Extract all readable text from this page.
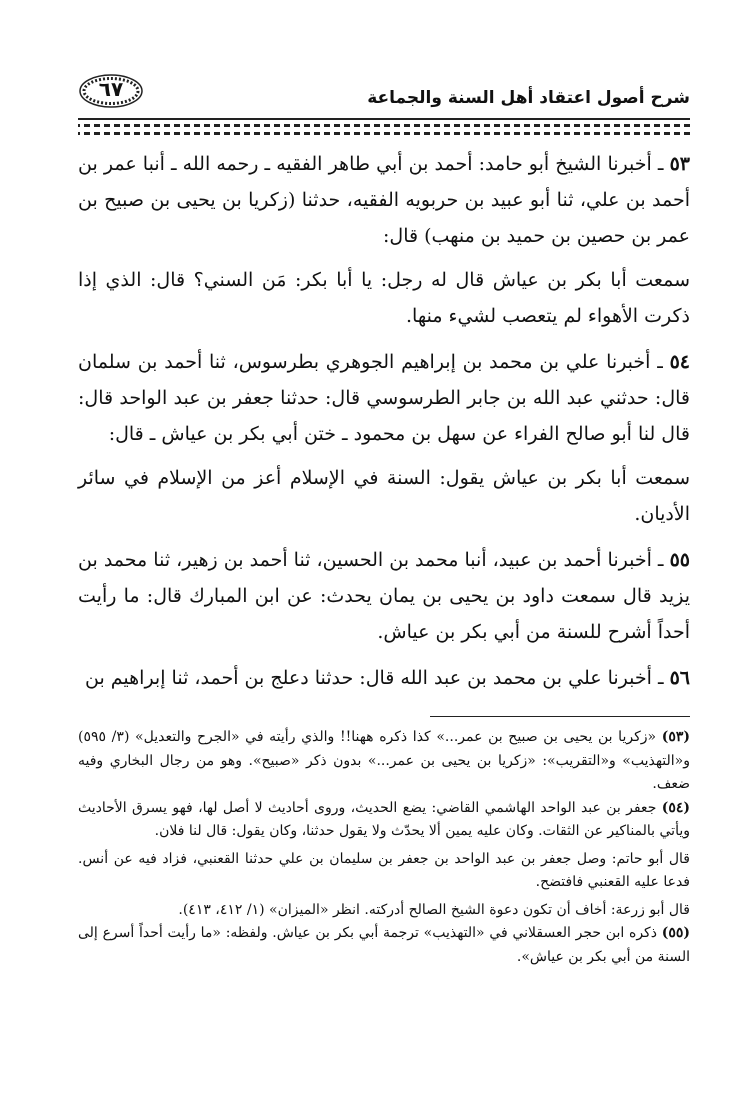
شرح أصول اعتقاد أهل السنة والجماعة
٦٧

٥٣ ـ أخبرنا الشيخ أبو حامد: أحمد بن أبي طاهر الفقيه ـ رحمه الله ـ أنبا عمر بن أحمد بن علي، ثنا أبو عبيد بن حربويه الفقيه، حدثنا (زكريا بن يحيى بن صبيح بن عمر بن حصين بن حميد بن منهب) قال:

سمعت أبا بكر بن عياش قال له رجل: يا أبا بكر: مَن السني؟ قال: الذي إذا ذكرت الأهواء لم يتعصب لشيء منها.

٥٤ ـ أخبرنا علي بن محمد بن إبراهيم الجوهري بطرسوس، ثنا أحمد بن سلمان قال: حدثني عبد الله بن جابر الطرسوسي قال: حدثنا جعفر بن عبد الواحد قال: قال لنا أبو صالح الفراء عن سهل بن محمود ـ ختن أبي بكر بن عياش ـ قال:

سمعت أبا بكر بن عياش يقول: السنة في الإسلام أعز من الإسلام في سائر الأديان.

٥٥ ـ أخبرنا أحمد بن عبيد، أنبا محمد بن الحسين، ثنا أحمد بن زهير، ثنا محمد بن يزيد قال سمعت داود بن يحيى بن يمان يحدث: عن ابن المبارك قال: ما رأيت أحداً أشرح للسنة من أبي بكر بن عياش.

٥٦ ـ أخبرنا علي بن محمد بن عبد الله قال: حدثنا دعلج بن أحمد، ثنا إبراهيم بن

(٥٣) «زكريا بن يحيى بن صبيح بن عمر...» كذا ذكره ههنا!! والذي رأيته في «الجرح والتعديل» (٣/ ٥٩٥) و«التهذيب» و«التقريب»: «زكريا بن يحيى بن عمر...» بدون ذكر «صبيح». وهو من رجال البخاري وفيه ضعف.

(٥٤) جعفر بن عبد الواحد الهاشمي القاضي: يضع الحديث، وروى أحاديث لا أصل لها، فهو يسرق الأحاديث ويأتي بالمناكير عن الثقات. وكان عليه يمين ألا يحدّث ولا يقول حدثنا، وكان يقول: قال لنا فلان.

قال أبو حاتم: وصل جعفر بن عبد الواحد بن جعفر بن سليمان بن علي حدثنا القعنبي، فزاد فيه عن أنس. فدعا عليه القعنبي فافتضح.

قال أبو زرعة: أخاف أن تكون دعوة الشيخ الصالح أدركته. انظر «الميزان» (١/ ٤١٢، ٤١٣).

(٥٥) ذكره ابن حجر العسقلاني في «التهذيب» ترجمة أبي بكر بن عياش. ولفظه: «ما رأيت أحداً أسرع إلى السنة من أبي بكر بن عياش».
